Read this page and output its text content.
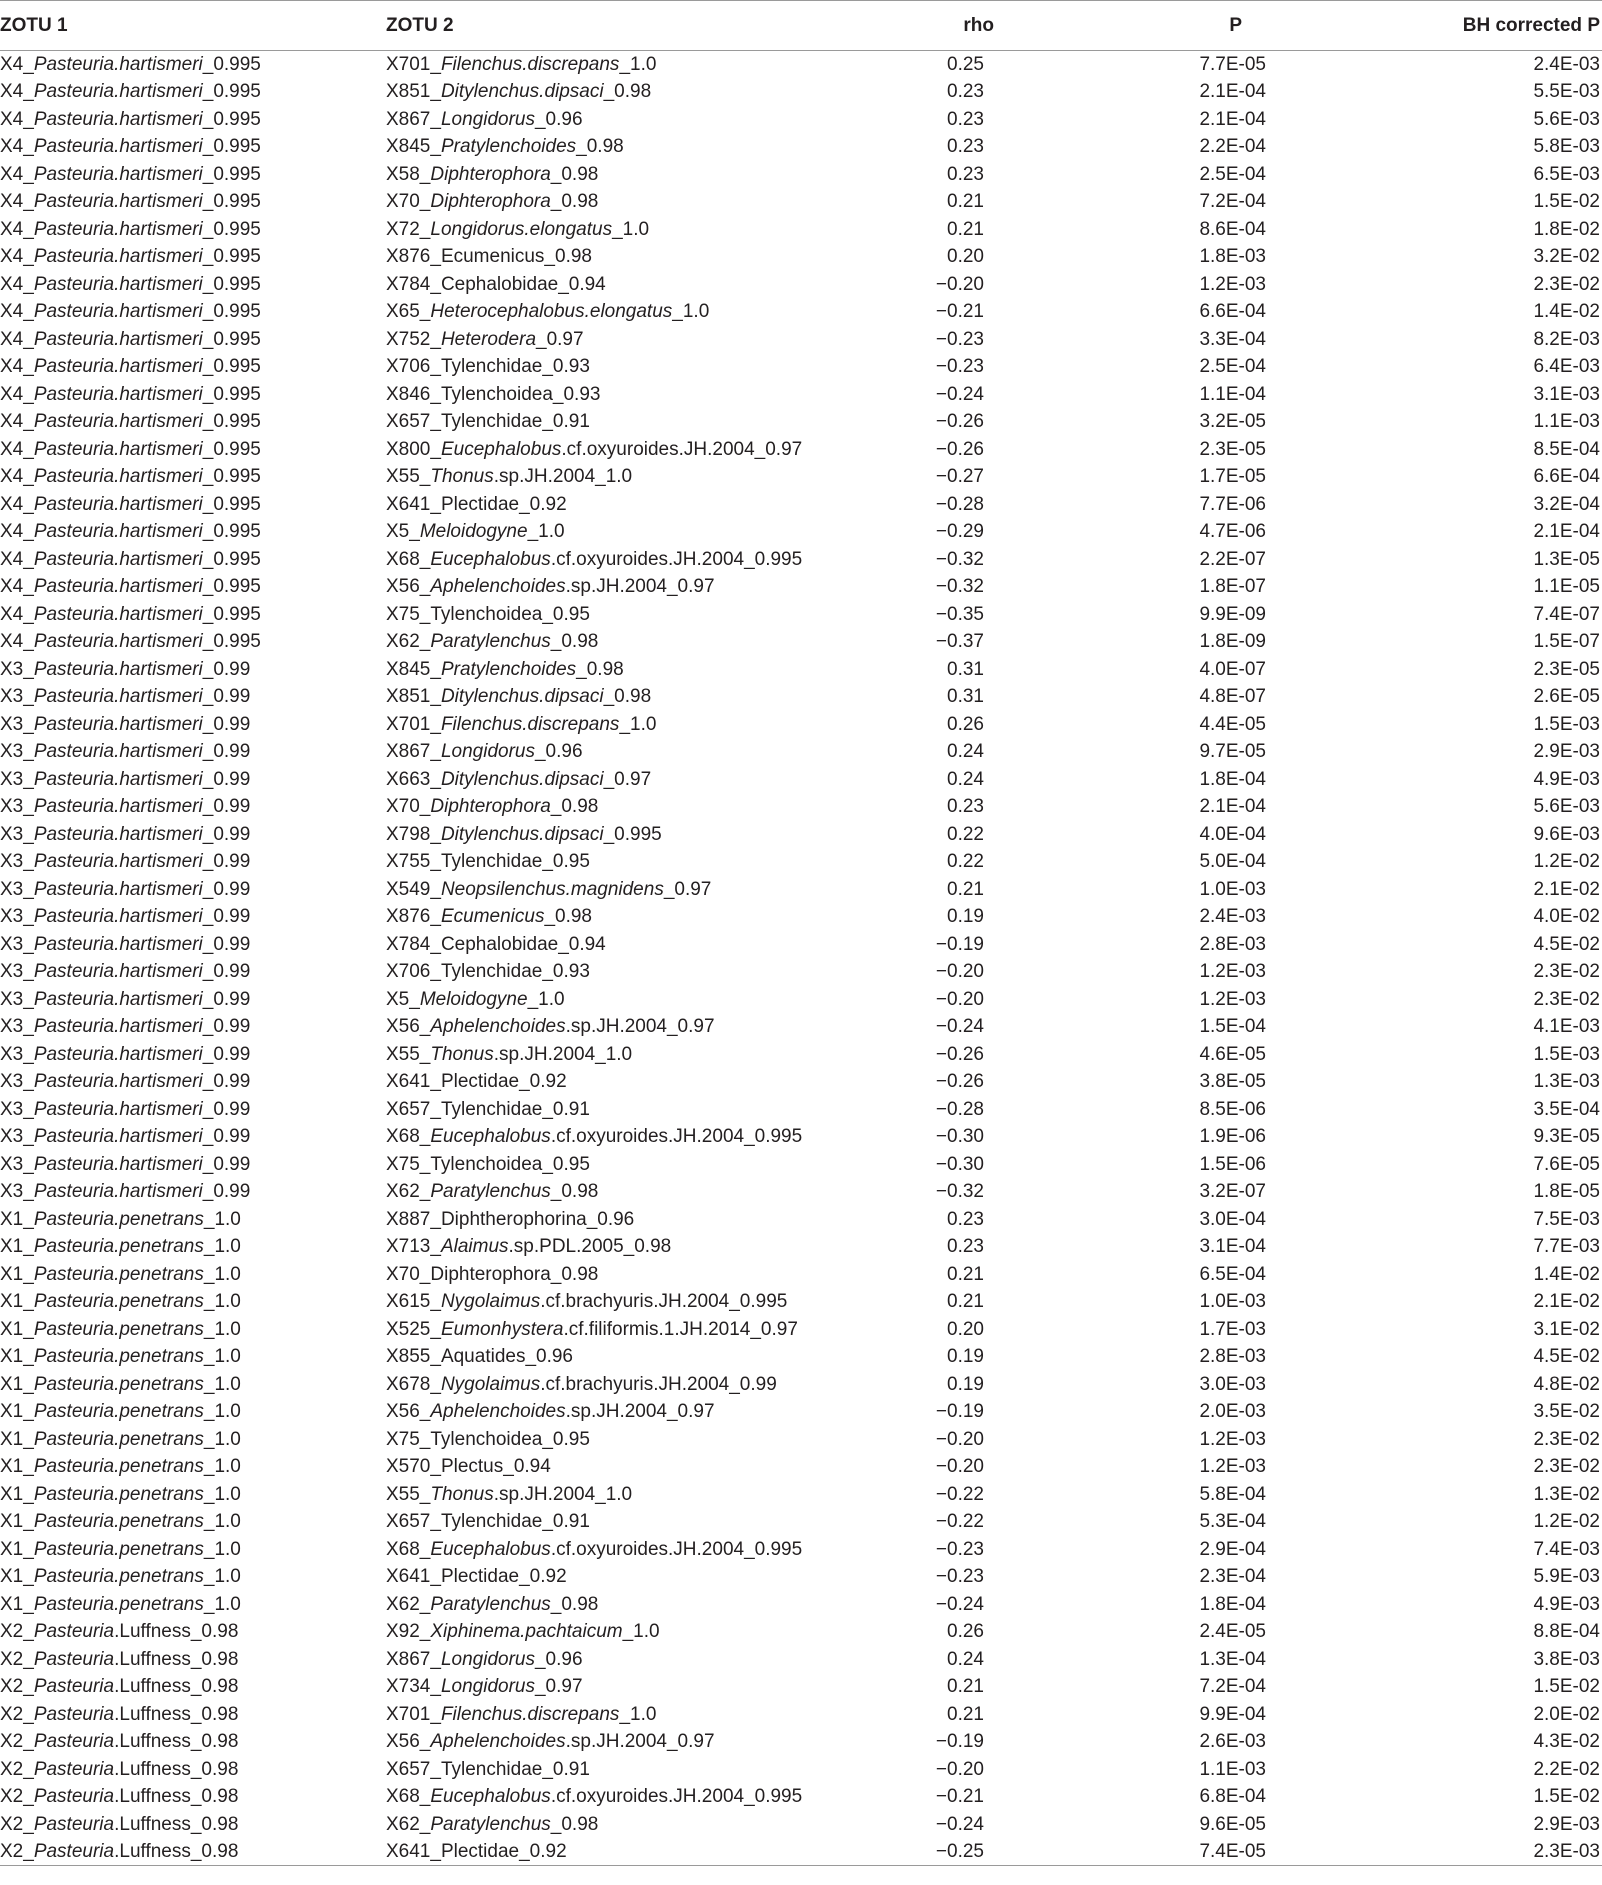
ZOTU 1	ZOTU 2	rho	P	BH corrected P
X4_Pasteuria.hartismeri_0.995	X701_Filenchus.discrepans_1.0	0.25	7.7E-05	2.4E-03
X4_Pasteuria.hartismeri_0.995	X851_Ditylenchus.dipsaci_0.98	0.23	2.1E-04	5.5E-03
X4_Pasteuria.hartismeri_0.995	X867_Longidorus_0.96	0.23	2.1E-04	5.6E-03
X4_Pasteuria.hartismeri_0.995	X845_Pratylenchoides_0.98	0.23	2.2E-04	5.8E-03
X4_Pasteuria.hartismeri_0.995	X58_Diphterophora_0.98	0.23	2.5E-04	6.5E-03
X4_Pasteuria.hartismeri_0.995	X70_Diphterophora_0.98	0.21	7.2E-04	1.5E-02
X4_Pasteuria.hartismeri_0.995	X72_Longidorus.elongatus_1.0	0.21	8.6E-04	1.8E-02
X4_Pasteuria.hartismeri_0.995	X876_Ecumenicus_0.98	0.20	1.8E-03	3.2E-02
X4_Pasteuria.hartismeri_0.995	X784_Cephalobidae_0.94	−0.20	1.2E-03	2.3E-02
X4_Pasteuria.hartismeri_0.995	X65_Heterocephalobus.elongatus_1.0	−0.21	6.6E-04	1.4E-02
X4_Pasteuria.hartismeri_0.995	X752_Heterodera_0.97	−0.23	3.3E-04	8.2E-03
X4_Pasteuria.hartismeri_0.995	X706_Tylenchidae_0.93	−0.23	2.5E-04	6.4E-03
X4_Pasteuria.hartismeri_0.995	X846_Tylenchoidea_0.93	−0.24	1.1E-04	3.1E-03
X4_Pasteuria.hartismeri_0.995	X657_Tylenchidae_0.91	−0.26	3.2E-05	1.1E-03
X4_Pasteuria.hartismeri_0.995	X800_Eucephalobus.cf.oxyuroides.JH.2004_0.97	−0.26	2.3E-05	8.5E-04
X4_Pasteuria.hartismeri_0.995	X55_Thonus.sp.JH.2004_1.0	−0.27	1.7E-05	6.6E-04
X4_Pasteuria.hartismeri_0.995	X641_Plectidae_0.92	−0.28	7.7E-06	3.2E-04
X4_Pasteuria.hartismeri_0.995	X5_Meloidogyne_1.0	−0.29	4.7E-06	2.1E-04
X4_Pasteuria.hartismeri_0.995	X68_Eucephalobus.cf.oxyuroides.JH.2004_0.995	−0.32	2.2E-07	1.3E-05
X4_Pasteuria.hartismeri_0.995	X56_Aphelenchoides.sp.JH.2004_0.97	−0.32	1.8E-07	1.1E-05
X4_Pasteuria.hartismeri_0.995	X75_Tylenchoidea_0.95	−0.35	9.9E-09	7.4E-07
X4_Pasteuria.hartismeri_0.995	X62_Paratylenchus_0.98	−0.37	1.8E-09	1.5E-07
X3_Pasteuria.hartismeri_0.99	X845_Pratylenchoides_0.98	0.31	4.0E-07	2.3E-05
X3_Pasteuria.hartismeri_0.99	X851_Ditylenchus.dipsaci_0.98	0.31	4.8E-07	2.6E-05
X3_Pasteuria.hartismeri_0.99	X701_Filenchus.discrepans_1.0	0.26	4.4E-05	1.5E-03
X3_Pasteuria.hartismeri_0.99	X867_Longidorus_0.96	0.24	9.7E-05	2.9E-03
X3_Pasteuria.hartismeri_0.99	X663_Ditylenchus.dipsaci_0.97	0.24	1.8E-04	4.9E-03
X3_Pasteuria.hartismeri_0.99	X70_Diphterophora_0.98	0.23	2.1E-04	5.6E-03
X3_Pasteuria.hartismeri_0.99	X798_Ditylenchus.dipsaci_0.995	0.22	4.0E-04	9.6E-03
X3_Pasteuria.hartismeri_0.99	X755_Tylenchidae_0.95	0.22	5.0E-04	1.2E-02
X3_Pasteuria.hartismeri_0.99	X549_Neopsilenchus.magnidens_0.97	0.21	1.0E-03	2.1E-02
X3_Pasteuria.hartismeri_0.99	X876_Ecumenicus_0.98	0.19	2.4E-03	4.0E-02
X3_Pasteuria.hartismeri_0.99	X784_Cephalobidae_0.94	−0.19	2.8E-03	4.5E-02
X3_Pasteuria.hartismeri_0.99	X706_Tylenchidae_0.93	−0.20	1.2E-03	2.3E-02
X3_Pasteuria.hartismeri_0.99	X5_Meloidogyne_1.0	−0.20	1.2E-03	2.3E-02
X3_Pasteuria.hartismeri_0.99	X56_Aphelenchoides.sp.JH.2004_0.97	−0.24	1.5E-04	4.1E-03
X3_Pasteuria.hartismeri_0.99	X55_Thonus.sp.JH.2004_1.0	−0.26	4.6E-05	1.5E-03
X3_Pasteuria.hartismeri_0.99	X641_Plectidae_0.92	−0.26	3.8E-05	1.3E-03
X3_Pasteuria.hartismeri_0.99	X657_Tylenchidae_0.91	−0.28	8.5E-06	3.5E-04
X3_Pasteuria.hartismeri_0.99	X68_Eucephalobus.cf.oxyuroides.JH.2004_0.995	−0.30	1.9E-06	9.3E-05
X3_Pasteuria.hartismeri_0.99	X75_Tylenchoidea_0.95	−0.30	1.5E-06	7.6E-05
X3_Pasteuria.hartismeri_0.99	X62_Paratylenchus_0.98	−0.32	3.2E-07	1.8E-05
X1_Pasteuria.penetrans_1.0	X887_Diphtherophorina_0.96	0.23	3.0E-04	7.5E-03
X1_Pasteuria.penetrans_1.0	X713_Alaimus.sp.PDL.2005_0.98	0.23	3.1E-04	7.7E-03
X1_Pasteuria.penetrans_1.0	X70_Diphterophora_0.98	0.21	6.5E-04	1.4E-02
X1_Pasteuria.penetrans_1.0	X615_Nygolaimus.cf.brachyuris.JH.2004_0.995	0.21	1.0E-03	2.1E-02
X1_Pasteuria.penetrans_1.0	X525_Eumonhystera.cf.filiformis.1.JH.2014_0.97	0.20	1.7E-03	3.1E-02
X1_Pasteuria.penetrans_1.0	X855_Aquatides_0.96	0.19	2.8E-03	4.5E-02
X1_Pasteuria.penetrans_1.0	X678_Nygolaimus.cf.brachyuris.JH.2004_0.99	0.19	3.0E-03	4.8E-02
X1_Pasteuria.penetrans_1.0	X56_Aphelenchoides.sp.JH.2004_0.97	−0.19	2.0E-03	3.5E-02
X1_Pasteuria.penetrans_1.0	X75_Tylenchoidea_0.95	−0.20	1.2E-03	2.3E-02
X1_Pasteuria.penetrans_1.0	X570_Plectus_0.94	−0.20	1.2E-03	2.3E-02
X1_Pasteuria.penetrans_1.0	X55_Thonus.sp.JH.2004_1.0	−0.22	5.8E-04	1.3E-02
X1_Pasteuria.penetrans_1.0	X657_Tylenchidae_0.91	−0.22	5.3E-04	1.2E-02
X1_Pasteuria.penetrans_1.0	X68_Eucephalobus.cf.oxyuroides.JH.2004_0.995	−0.23	2.9E-04	7.4E-03
X1_Pasteuria.penetrans_1.0	X641_Plectidae_0.92	−0.23	2.3E-04	5.9E-03
X1_Pasteuria.penetrans_1.0	X62_Paratylenchus_0.98	−0.24	1.8E-04	4.9E-03
X2_Pasteuria.Luffness_0.98	X92_Xiphinema.pachtaicum_1.0	0.26	2.4E-05	8.8E-04
X2_Pasteuria.Luffness_0.98	X867_Longidorus_0.96	0.24	1.3E-04	3.8E-03
X2_Pasteuria.Luffness_0.98	X734_Longidorus_0.97	0.21	7.2E-04	1.5E-02
X2_Pasteuria.Luffness_0.98	X701_Filenchus.discrepans_1.0	0.21	9.9E-04	2.0E-02
X2_Pasteuria.Luffness_0.98	X56_Aphelenchoides.sp.JH.2004_0.97	−0.19	2.6E-03	4.3E-02
X2_Pasteuria.Luffness_0.98	X657_Tylenchidae_0.91	−0.20	1.1E-03	2.2E-02
X2_Pasteuria.Luffness_0.98	X68_Eucephalobus.cf.oxyuroides.JH.2004_0.995	−0.21	6.8E-04	1.5E-02
X2_Pasteuria.Luffness_0.98	X62_Paratylenchus_0.98	−0.24	9.6E-05	2.9E-03
X2_Pasteuria.Luffness_0.98	X641_Plectidae_0.92	−0.25	7.4E-05	2.3E-03
